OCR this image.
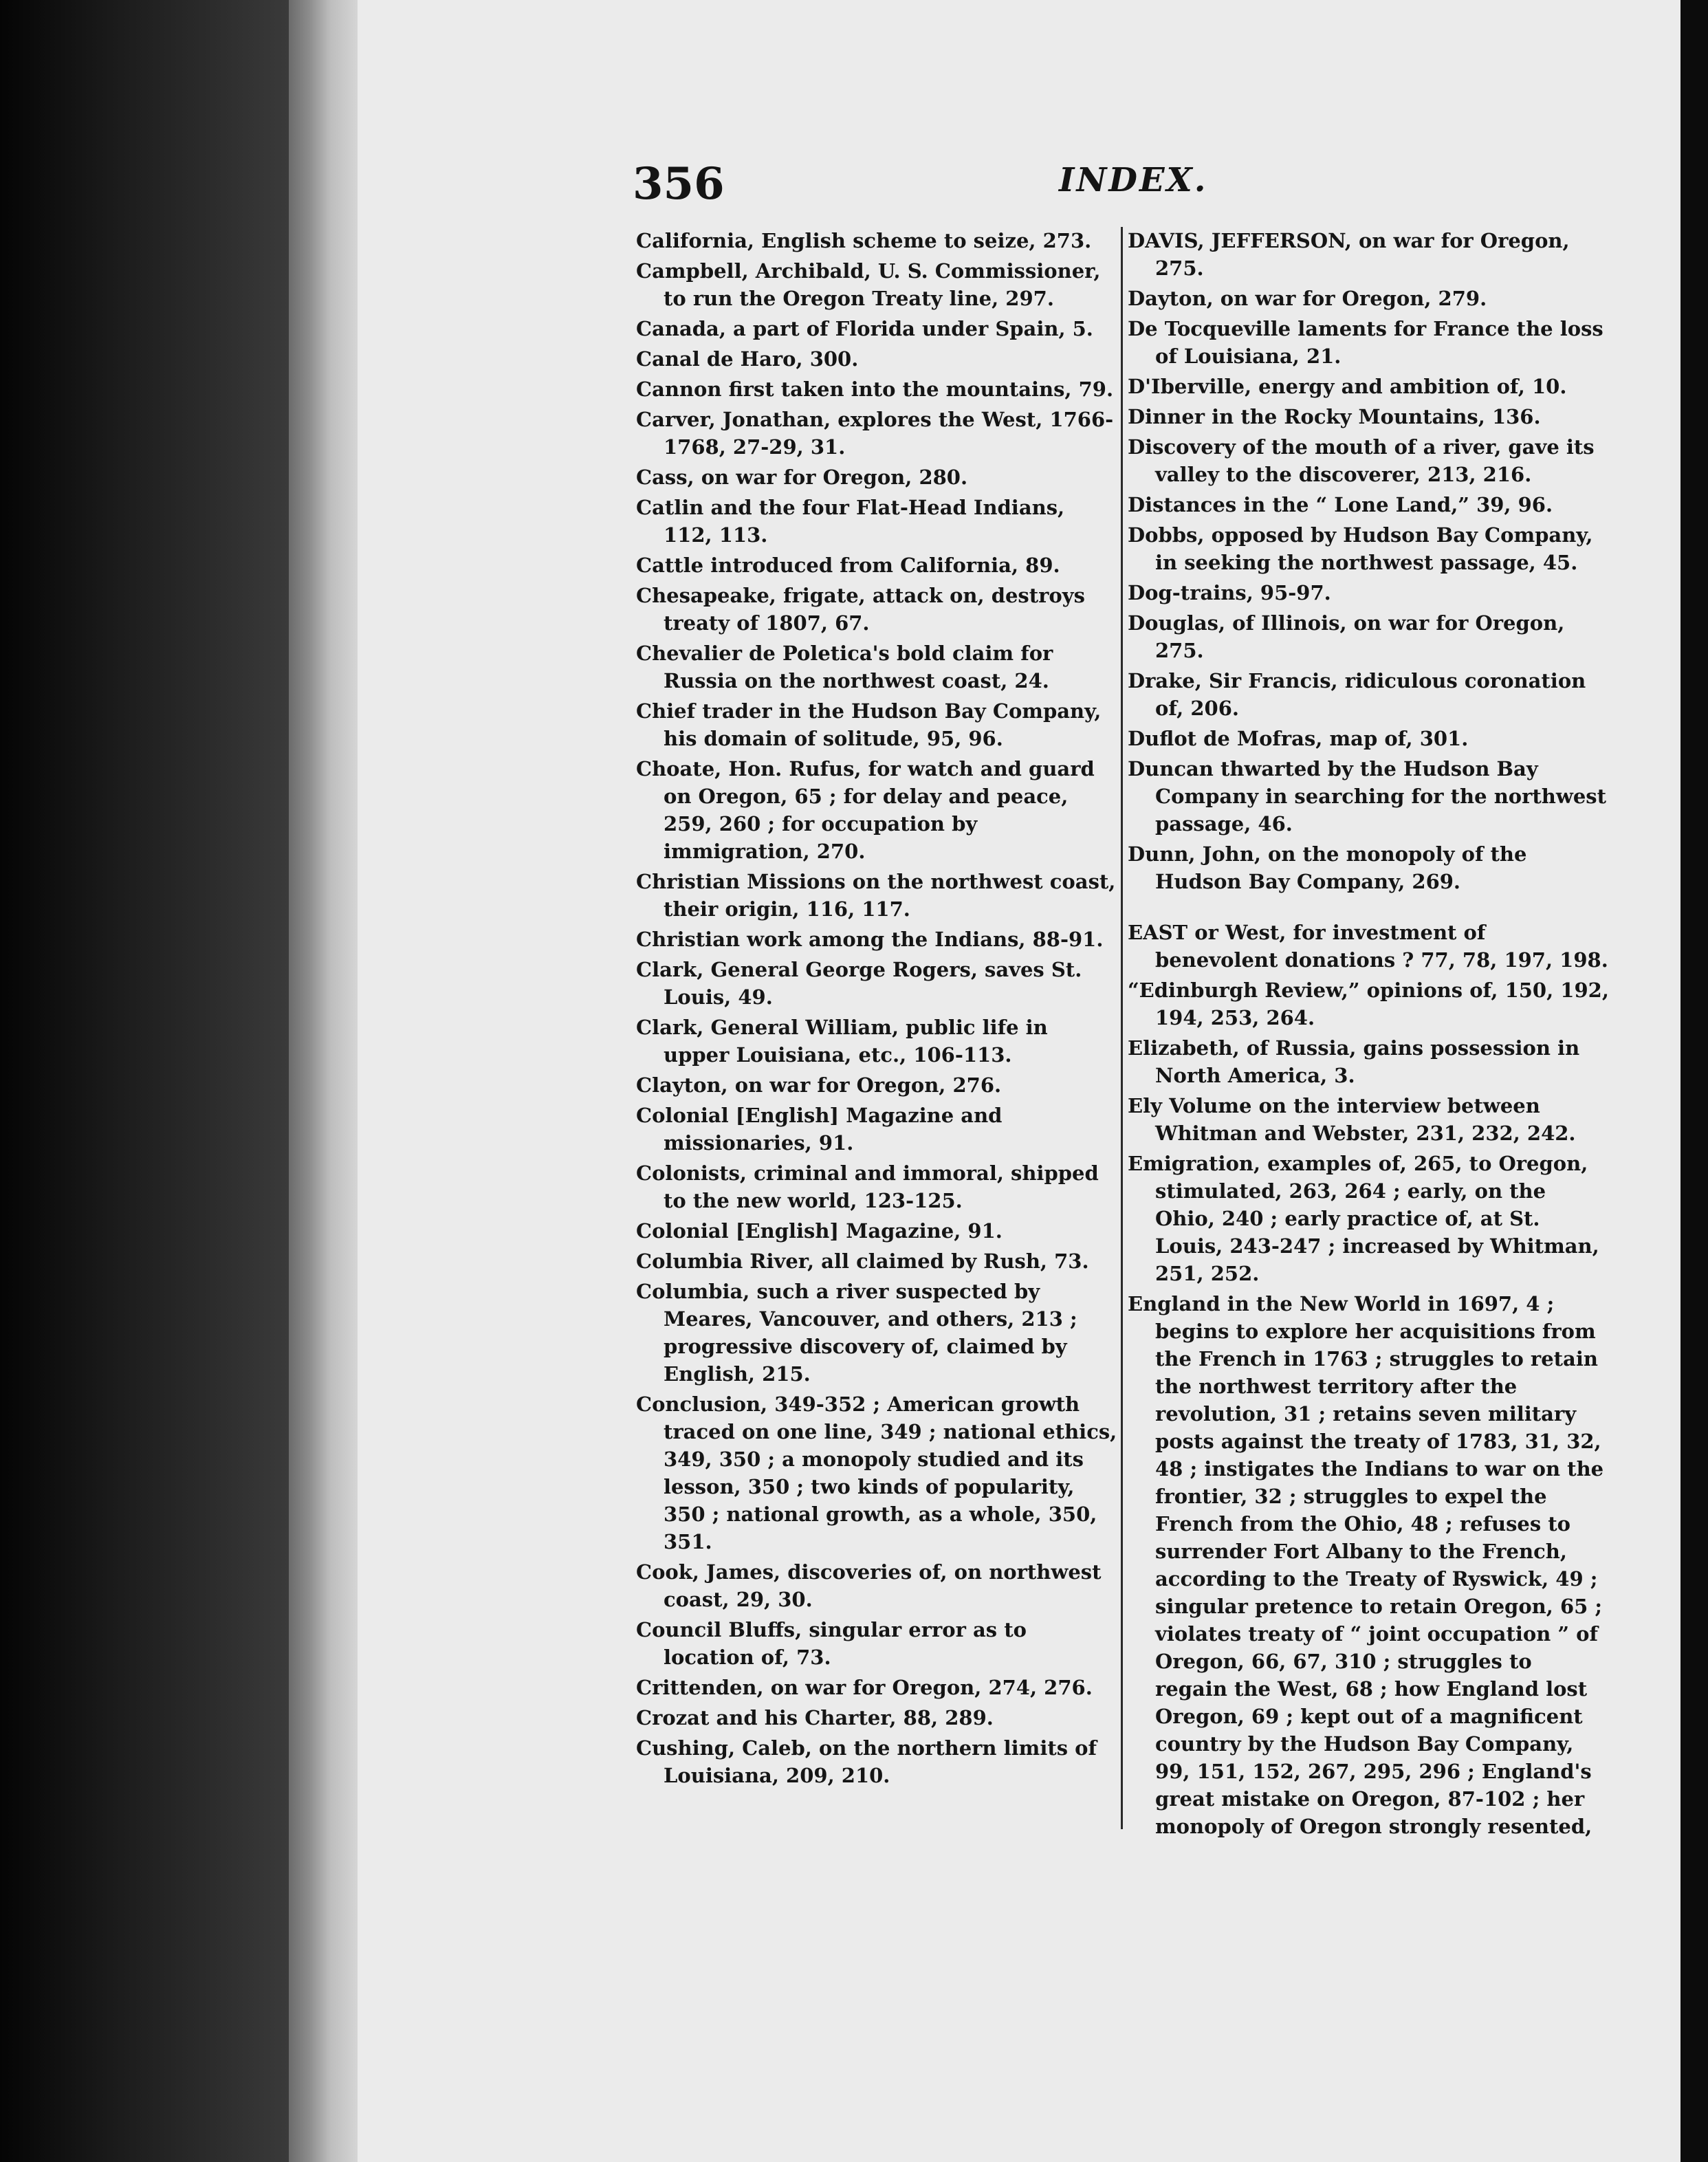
356	INDEX.

California, English scheme to seize, 273.

Campbell, Archibald, U. S. Commissioner, to run the Oregon Treaty line, 297.

Canada, a part of Florida under Spain, 5.

Canal de Haro, 300.

Cannon first taken into the mountains, 79.

Carver, Jonathan, explores the West, 1766-1768, 27-29, 31.

Cass, on war for Oregon, 280.

Catlin and the four Flat-Head Indians, 112, 113.

Cattle introduced from California, 89.

Chesapeake, frigate, attack on, destroys treaty of 1807, 67.

Chevalier de Poletica's bold claim for Russia on the northwest coast, 24.

Chief trader in the Hudson Bay Company, his domain of solitude, 95, 96.

Choate, Hon. Rufus, for watch and guard on Oregon, 65 ; for delay and peace, 259, 260 ; for occupation by immigration, 270.

Christian Missions on the northwest coast, their origin, 116, 117.

Christian work among the Indians, 88-91.

Clark, General George Rogers, saves St. Louis, 49.

Clark, General William, public life in upper Louisiana, etc., 106-113.

Clayton, on war for Oregon, 276.

Colonial [English] Magazine and missionaries, 91.

Colonists, criminal and immoral, shipped to the new world, 123-125.

Colonial [English] Magazine, 91.

Columbia River, all claimed by Rush, 73.

Columbia, such a river suspected by Meares, Vancouver, and others, 213 ; progressive discovery of, claimed by English, 215.

Conclusion, 349-352 ; American growth traced on one line, 349 ; national ethics, 349, 350 ; a monopoly studied and its lesson, 350 ; two kinds of popularity, 350 ; national growth, as a whole, 350, 351.

Cook, James, discoveries of, on northwest coast, 29, 30.

Council Bluffs, singular error as to location of, 73.

Crittenden, on war for Oregon, 274, 276.

Crozat and his Charter, 88, 289.

Cushing, Caleb, on the northern limits of Louisiana, 209, 210.

DAVIS, JEFFERSON, on war for Oregon, 275.

Dayton, on war for Oregon, 279.

De Tocqueville laments for France the loss of Louisiana, 21.

D'Iberville, energy and ambition of, 10.

Dinner in the Rocky Mountains, 136.

Discovery of the mouth of a river, gave its valley to the discoverer, 213, 216.

Distances in the “ Lone Land,” 39, 96.

Dobbs, opposed by Hudson Bay Company, in seeking the northwest passage, 45.

Dog-trains, 95-97.

Douglas, of Illinois, on war for Oregon, 275.

Drake, Sir Francis, ridiculous coronation of, 206.

Duflot de Mofras, map of, 301.

Duncan thwarted by the Hudson Bay Company in searching for the northwest passage, 46.

Dunn, John, on the monopoly of the Hudson Bay Company, 269.

EAST or West, for investment of benevolent donations ? 77, 78, 197, 198.

“Edinburgh Review,” opinions of, 150, 192, 194, 253, 264.

Elizabeth, of Russia, gains possession in North America, 3.

Ely Volume on the interview between Whitman and Webster, 231, 232, 242.

Emigration, examples of, 265, to Oregon, stimulated, 263, 264 ; early, on the Ohio, 240 ; early practice of, at St. Louis, 243-247 ; increased by Whitman, 251, 252.

England in the New World in 1697, 4 ; begins to explore her acquisitions from the French in 1763 ; struggles to retain the northwest territory after the revolution, 31 ; retains seven military posts against the treaty of 1783, 31, 32, 48 ; instigates the Indians to war on the frontier, 32 ; struggles to expel the French from the Ohio, 48 ; refuses to surrender Fort Albany to the French, according to the Treaty of Ryswick, 49 ; singular pretence to retain Oregon, 65 ; violates treaty of “ joint occupation ” of Oregon, 66, 67, 310 ; struggles to regain the West, 68 ; how England lost Oregon, 69 ; kept out of a magnificent country by the Hudson Bay Company, 99, 151, 152, 267, 295, 296 ; England's great mistake on Oregon, 87-102 ; her monopoly of Oregon strongly resented,
